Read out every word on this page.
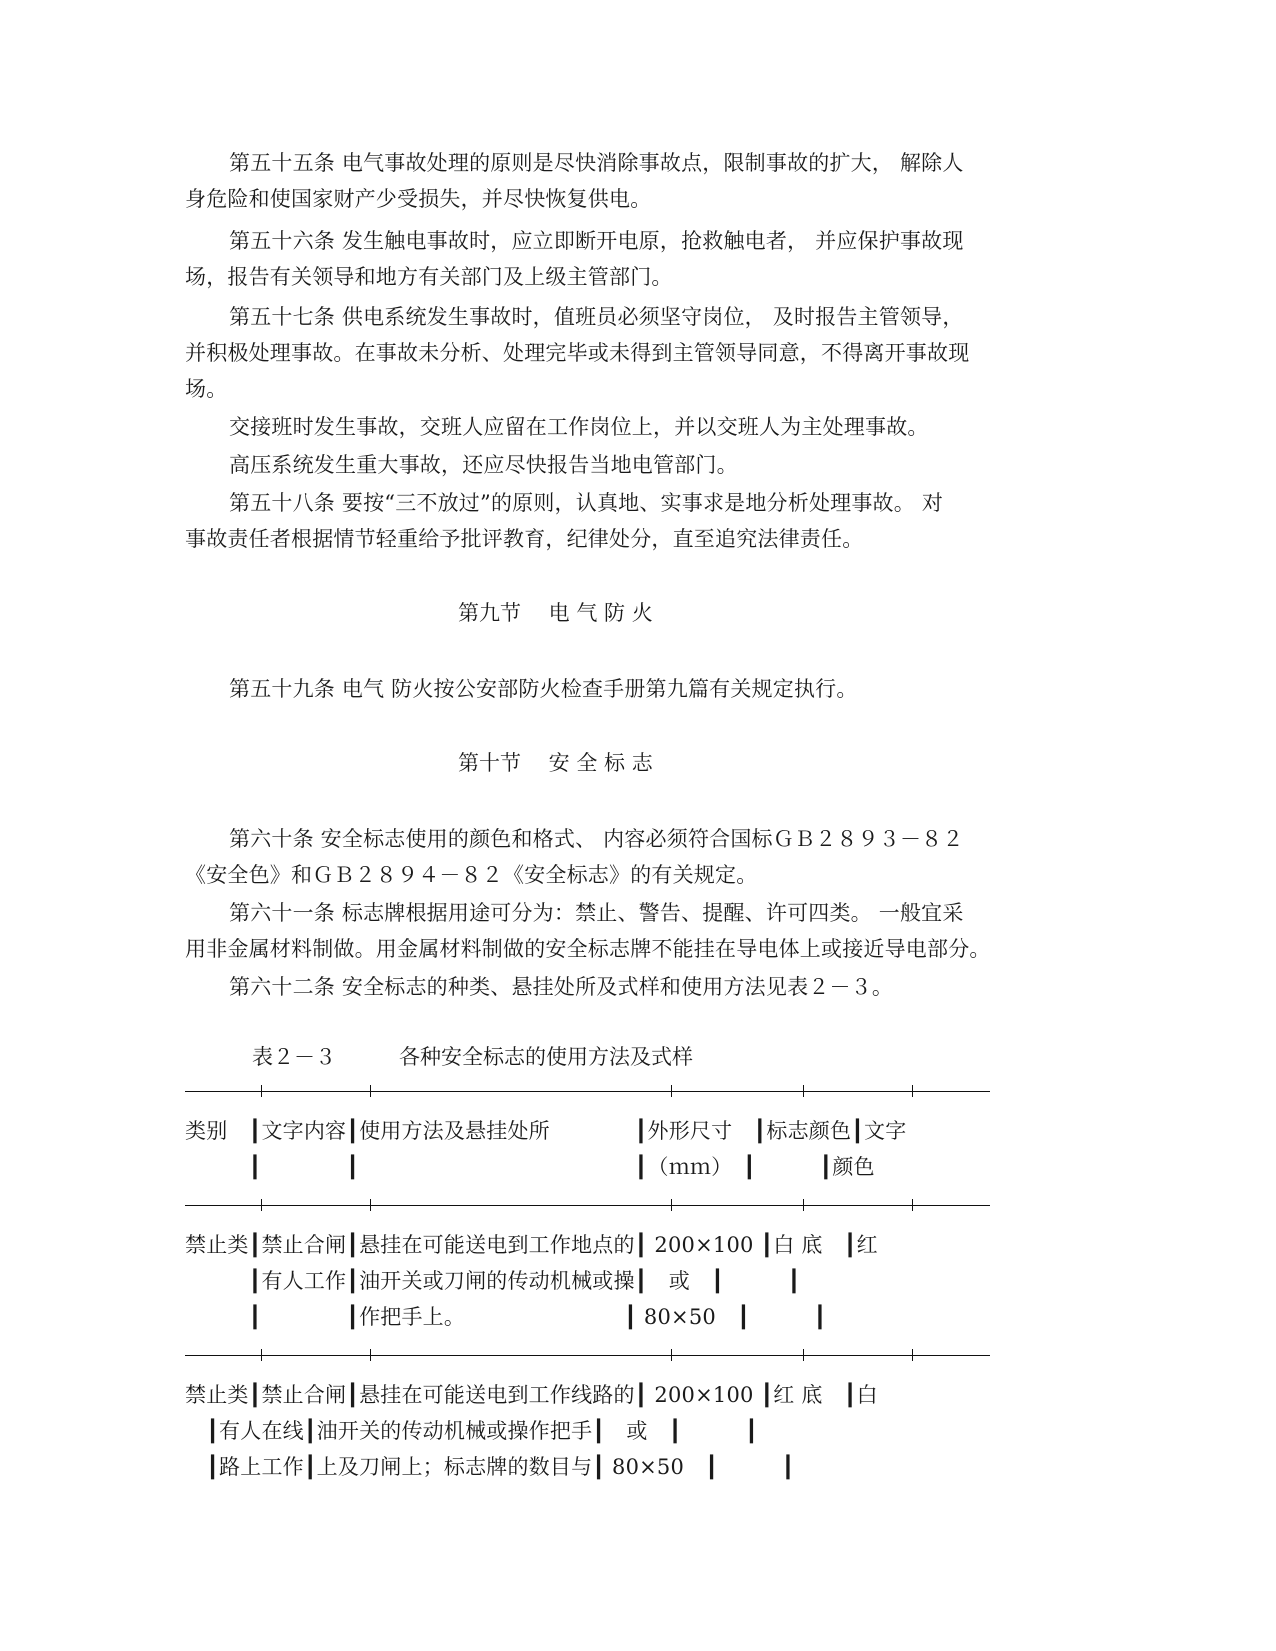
第五十五条 电气事故处理的原则是尽快消除事故点，限制事故的扩大， 解除人
身危险和使国家财产少受损失，并尽快恢复供电。
第五十六条 发生触电事故时，应立即断开电原，抢救触电者， 并应保护事故现
场，报告有关领导和地方有关部门及上级主管部门。
第五十七条 供电系统发生事故时，值班员必须坚守岗位， 及时报告主管领导，
并积极处理事故。在事故未分析、处理完毕或未得到主管领导同意，不得离开事故现
场。
交接班时发生事故，交班人应留在工作岗位上，并以交班人为主处理事故。
高压系统发生重大事故，还应尽快报告当地电管部门。
第五十八条 要按“三不放过”的原则，认真地、实事求是地分析处理事故。 对
事故责任者根据情节轻重给予批评教育，纪律处分，直至追究法律责任。
第九节　 电 气 防 火
第五十九条 电气 防火按公安部防火检查手册第九篇有关规定执行。
第十节　 安 全 标 志
第六十条 安全标志使用的颜色和格式、 内容必须符合国标ＧＢ２８９３－８２
《安全色》和ＧＢ２８９４－８２《安全标志》的有关规定。
第六十一条 标志牌根据用途可分为：禁止、警告、提醒、许可四类。 一般宜采
用非金属材料制做。用金属材料制做的安全标志牌不能挂在导电体上或接近导电部分。
第六十二条 安全标志的种类、悬挂处所及式样和使用方法见表２－３。
表２－３　　　各种安全标志的使用方法及式样
类别　┃文字内容┃使用方法及悬挂处所　　　　┃外形尺寸　┃标志颜色┃文字
　　　┃　　　　┃　　　　　　　　　　　　　┃（ｍｍ）　┃　　　┃颜色
禁止类┃禁止合闸┃悬挂在可能送电到工作地点的┃ 200×100 ┃白 底　┃红
　　　┃有人工作┃油开关或刀闸的传动机械或操┃　或　┃　　　┃
　　　┃　　　　┃作把手上。　　　　　　　　┃ 80×50　┃　　　┃
禁止类┃禁止合闸┃悬挂在可能送电到工作线路的┃ 200×100 ┃红 底　┃白
　┃有人在线┃油开关的传动机械或操作把手┃　或　┃　　　┃
　┃路上工作┃上及刀闸上；标志牌的数目与┃ 80×50　┃　　　┃
